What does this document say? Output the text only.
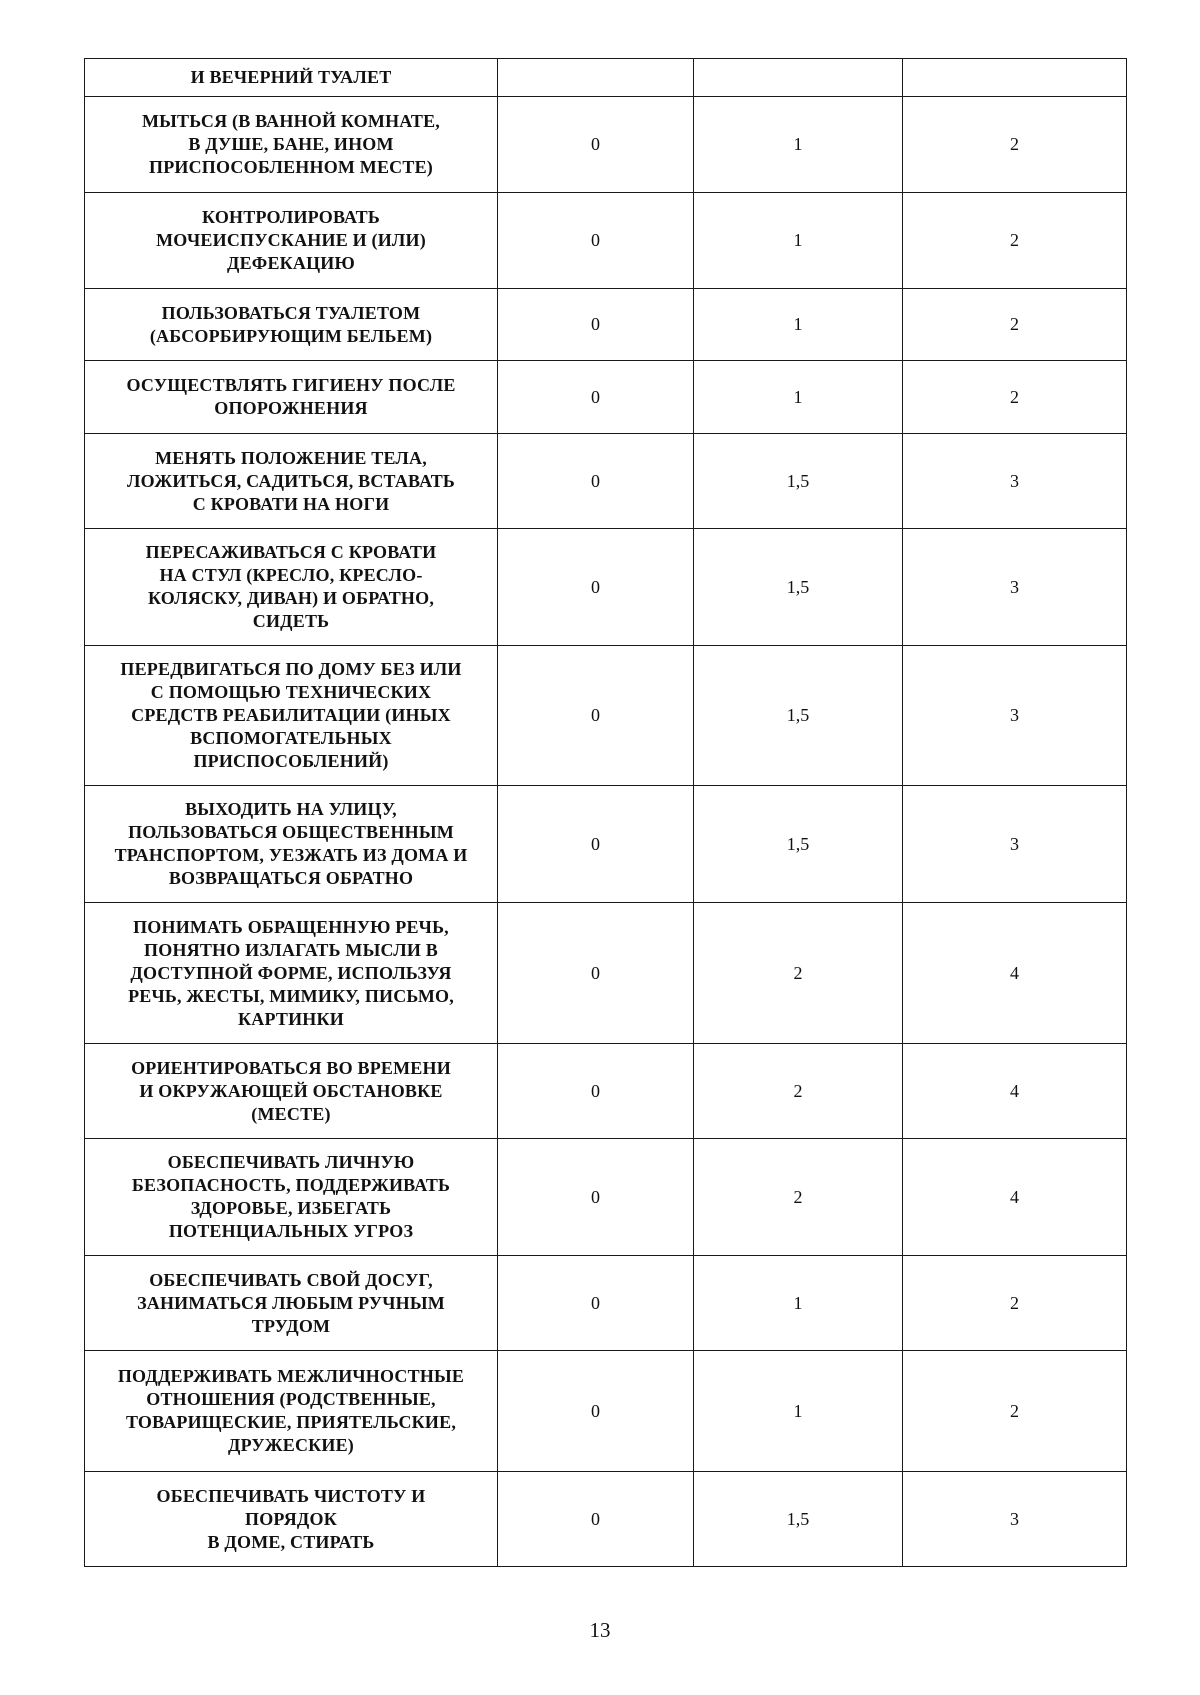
И ВЕЧЕРНИЙ ТУАЛЕТ			
МЫТЬСЯ (В ВАННОЙ КОМНАТЕ,
В ДУШЕ, БАНЕ, ИНОМ
ПРИСПОСОБЛЕННОМ МЕСТЕ)	0	1	2
КОНТРОЛИРОВАТЬ
МОЧЕИСПУСКАНИЕ И (ИЛИ)
ДЕФЕКАЦИЮ	0	1	2
ПОЛЬЗОВАТЬСЯ ТУАЛЕТОМ
(АБСОРБИРУЮЩИМ БЕЛЬЕМ)	0	1	2
ОСУЩЕСТВЛЯТЬ ГИГИЕНУ ПОСЛЕ
ОПОРОЖНЕНИЯ	0	1	2
МЕНЯТЬ ПОЛОЖЕНИЕ ТЕЛА,
ЛОЖИТЬСЯ, САДИТЬСЯ, ВСТАВАТЬ
С КРОВАТИ НА НОГИ	0	1,5	3
ПЕРЕСАЖИВАТЬСЯ С КРОВАТИ
НА СТУЛ (КРЕСЛО, КРЕСЛО-
КОЛЯСКУ, ДИВАН) И ОБРАТНО,
СИДЕТЬ	0	1,5	3
ПЕРЕДВИГАТЬСЯ ПО ДОМУ БЕЗ ИЛИ
С ПОМОЩЬЮ ТЕХНИЧЕСКИХ
СРЕДСТВ РЕАБИЛИТАЦИИ (ИНЫХ
ВСПОМОГАТЕЛЬНЫХ
ПРИСПОСОБЛЕНИЙ)	0	1,5	3
ВЫХОДИТЬ НА УЛИЦУ,
ПОЛЬЗОВАТЬСЯ ОБЩЕСТВЕННЫМ
ТРАНСПОРТОМ, УЕЗЖАТЬ ИЗ ДОМА И
ВОЗВРАЩАТЬСЯ ОБРАТНО	0	1,5	3
ПОНИМАТЬ ОБРАЩЕННУЮ РЕЧЬ,
ПОНЯТНО ИЗЛАГАТЬ МЫСЛИ В
ДОСТУПНОЙ ФОРМЕ, ИСПОЛЬЗУЯ
РЕЧЬ, ЖЕСТЫ, МИМИКУ, ПИСЬМО,
КАРТИНКИ	0	2	4
ОРИЕНТИРОВАТЬСЯ ВО ВРЕМЕНИ
И ОКРУЖАЮЩЕЙ ОБСТАНОВКЕ
(МЕСТЕ)	0	2	4
ОБЕСПЕЧИВАТЬ ЛИЧНУЮ
БЕЗОПАСНОСТЬ, ПОДДЕРЖИВАТЬ
ЗДОРОВЬЕ, ИЗБЕГАТЬ
ПОТЕНЦИАЛЬНЫХ УГРОЗ	0	2	4
ОБЕСПЕЧИВАТЬ СВОЙ ДОСУГ,
ЗАНИМАТЬСЯ ЛЮБЫМ РУЧНЫМ
ТРУДОМ	0	1	2
ПОДДЕРЖИВАТЬ МЕЖЛИЧНОСТНЫЕ
ОТНОШЕНИЯ (РОДСТВЕННЫЕ,
ТОВАРИЩЕСКИЕ, ПРИЯТЕЛЬСКИЕ,
ДРУЖЕСКИЕ)	0	1	2
ОБЕСПЕЧИВАТЬ ЧИСТОТУ И
ПОРЯДОК
В ДОМЕ, СТИРАТЬ	0	1,5	3
13
